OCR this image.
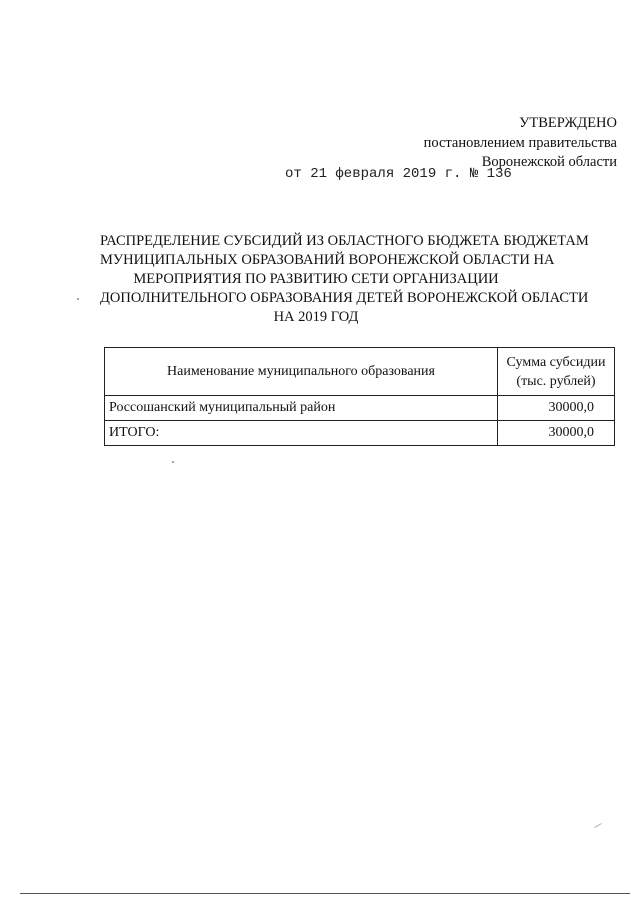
УТВЕРЖДЕНО
постановлением правительства
Воронежской области
от 21 февраля 2019 г. № 136
РАСПРЕДЕЛЕНИЕ СУБСИДИЙ ИЗ ОБЛАСТНОГО БЮДЖЕТА БЮДЖЕТАМ
МУНИЦИПАЛЬНЫХ ОБРАЗОВАНИЙ ВОРОНЕЖСКОЙ ОБЛАСТИ НА
МЕРОПРИЯТИЯ ПО РАЗВИТИЮ СЕТИ ОРГАНИЗАЦИИ
ДОПОЛНИТЕЛЬНОГО ОБРАЗОВАНИЯ ДЕТЕЙ ВОРОНЕЖСКОЙ ОБЛАСТИ
НА 2019 ГОД
Наименование муниципального образования	Сумма субсидии
(тыс. рублей)

Россошанский муниципальный район	30000,0
ИТОГО:	30000,0
